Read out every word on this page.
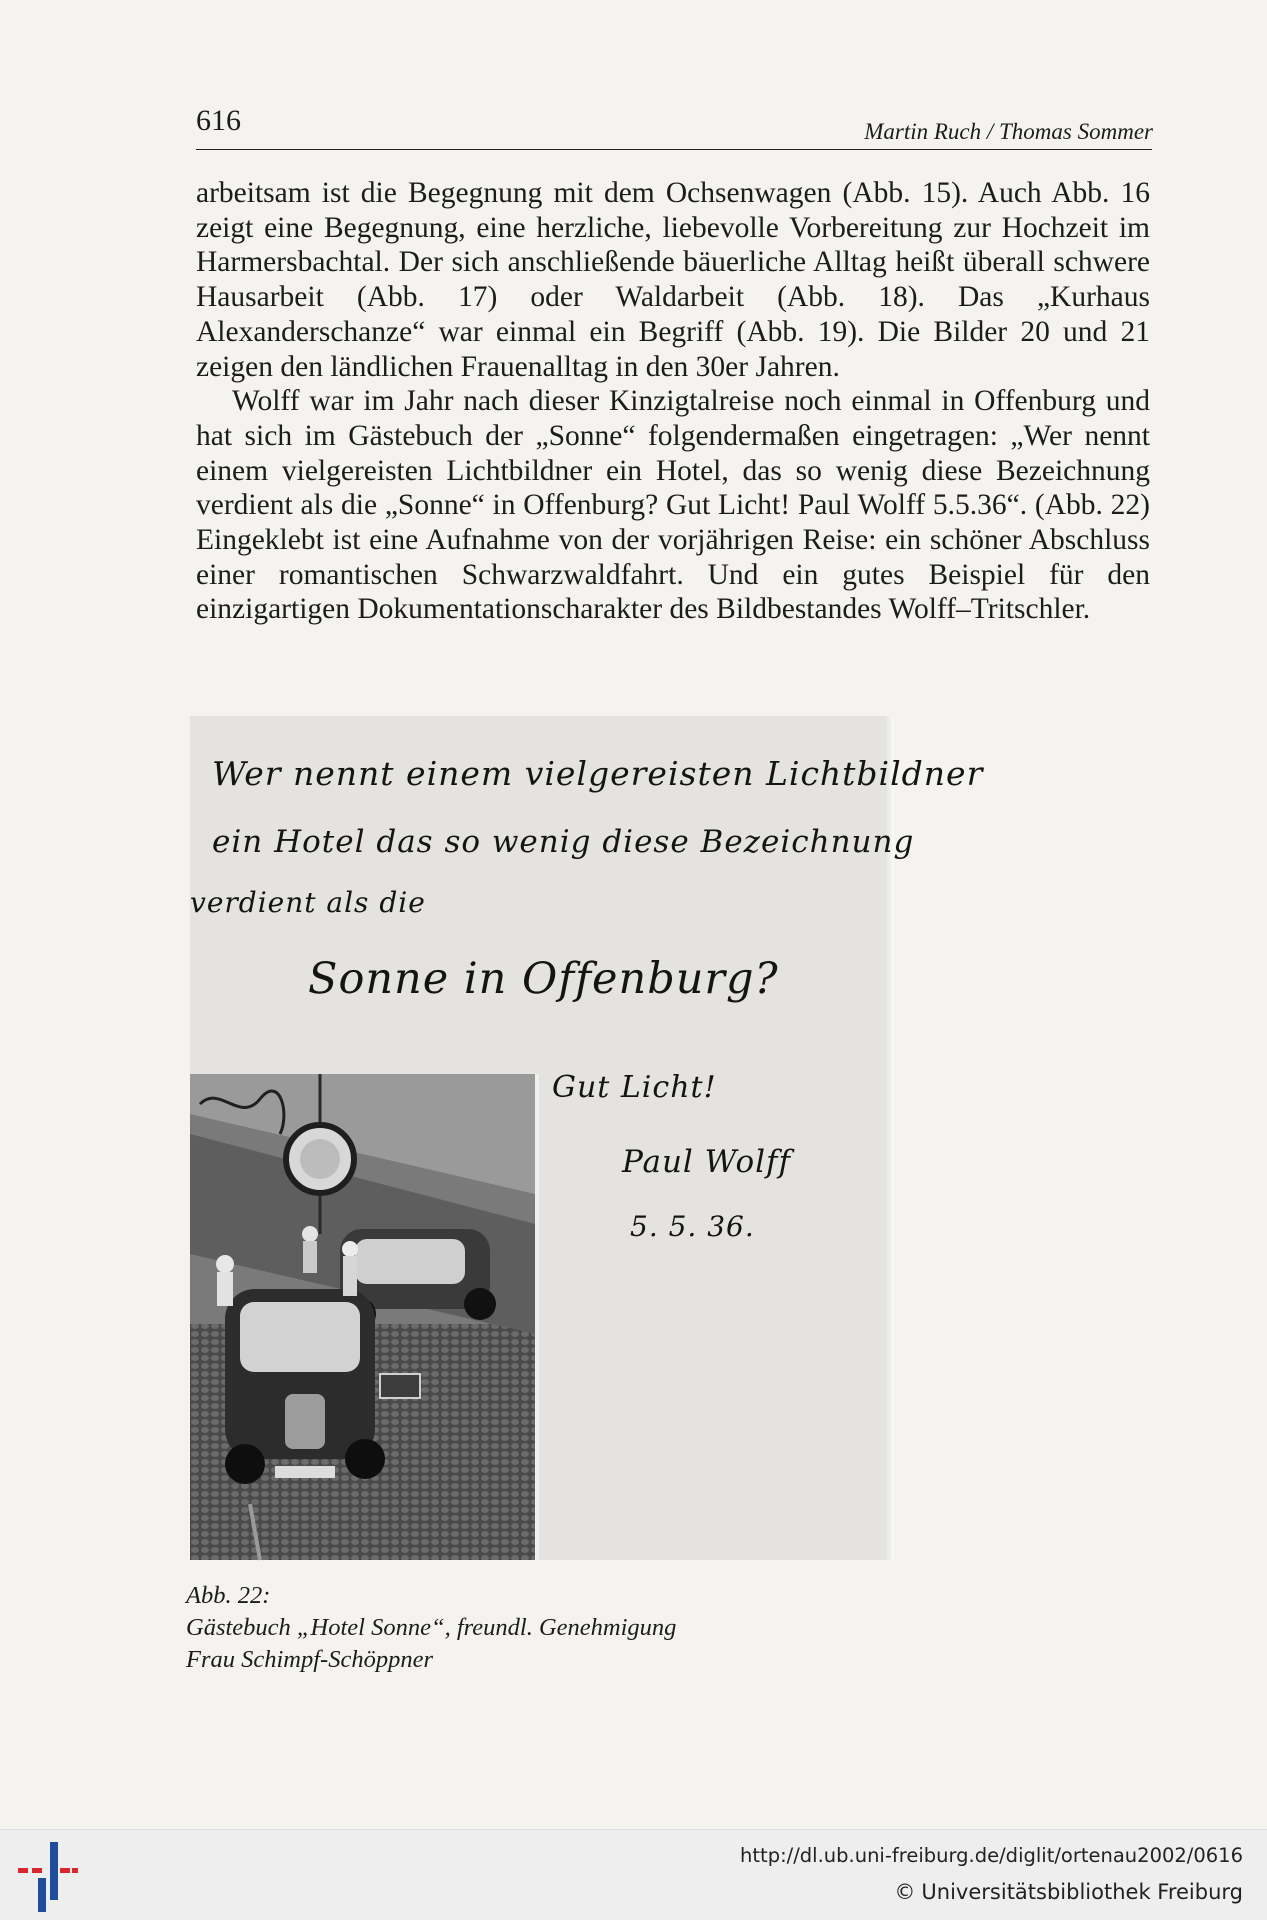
616	Martin Ruch / Thomas Sommer

arbeitsam ist die Begegnung mit dem Ochsenwagen (Abb. 15). Auch Abb. 16 zeigt eine Begegnung, eine herzliche, liebevolle Vorbereitung zur Hochzeit im Harmersbachtal. Der sich anschließende bäuerliche Alltag heißt überall schwere Hausarbeit (Abb. 17) oder Waldarbeit (Abb. 18). Das „Kurhaus Alexanderschanze“ war einmal ein Begriff (Abb. 19). Die Bilder 20 und 21 zeigen den ländlichen Frauenalltag in den 30er Jahren.

Wolff war im Jahr nach dieser Kinzigtalreise noch einmal in Offenburg und hat sich im Gästebuch der „Sonne“ folgendermaßen eingetragen: „Wer nennt einem vielgereisten Lichtbildner ein Hotel, das so wenig diese Bezeichnung verdient als die „Sonne“ in Offenburg? Gut Licht! Paul Wolff 5.5.36“. (Abb. 22) Eingeklebt ist eine Aufnahme von der vorjährigen Reise: ein schöner Abschluss einer romantischen Schwarzwaldfahrt. Und ein gutes Beispiel für den einzigartigen Dokumentationscharakter des Bildbestandes Wolff–Tritschler.

Wer nennt einem vielgereisten Lichtbildner
ein Hotel das so wenig diese Bezeichnung
verdient als die
Sonne in Offenburg?
Gut Licht!
Paul Wolff
5. 5. 36.
Abb. 22:
Gästebuch „Hotel Sonne“, freundl. Genehmigung
Frau Schimpf-Schöppner
http://dl.ub.uni-freiburg.de/diglit/ortenau2002/0616
© Universitätsbibliothek Freiburg
